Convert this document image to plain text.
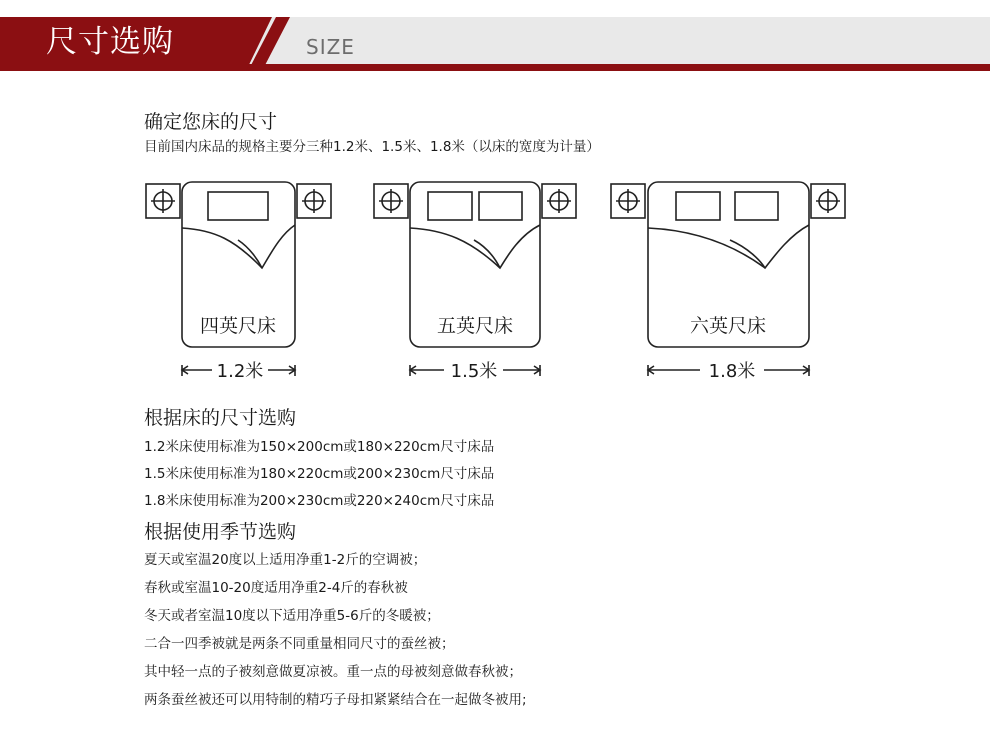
尺寸选购	SIZE
确定您床的尺寸
目前国内床品的规格主要分三种1.2米、1.5米、1.8米（以床的宽度为计量）
四英尺床	五英尺床	六英尺床
1.2米	1.5米	1.8米
根据床的尺寸选购
1.2米床使用标准为150×200cm或180×220cm尺寸床品
1.5米床使用标准为180×220cm或200×230cm尺寸床品
1.8米床使用标准为200×230cm或220×240cm尺寸床品
根据使用季节选购
夏天或室温20度以上适用净重1-2斤的空调被；
春秋或室温10-20度适用净重2-4斤的春秋被
冬天或者室温10度以下适用净重5-6斤的冬暖被；
二合一四季被就是两条不同重量相同尺寸的蚕丝被；
其中轻一点的子被刻意做夏凉被。重一点的母被刻意做春秋被；
两条蚕丝被还可以用特制的精巧子母扣紧紧结合在一起做冬被用;
